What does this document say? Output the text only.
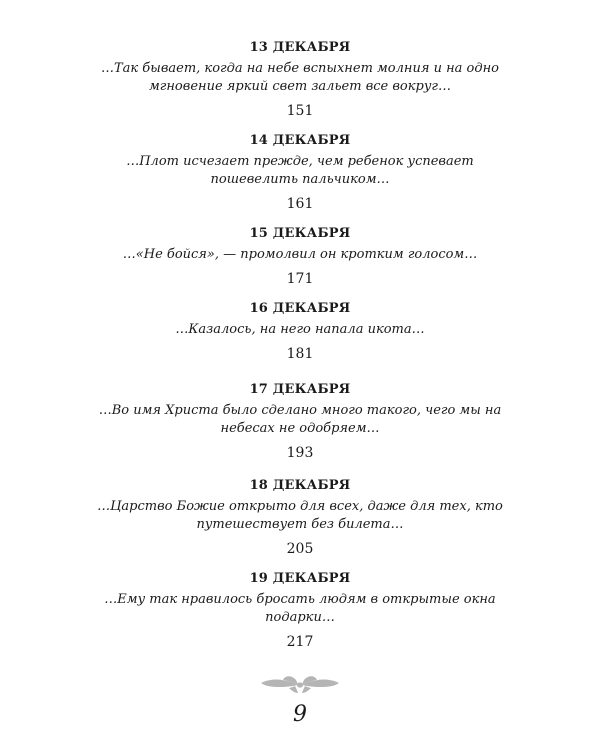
13 ДЕКАБРЯ

…Так бывает, когда на небе вспыхнет молния и на одно мгновение яркий свет зальет все вокруг…

151

14 ДЕКАБРЯ

…Плот исчезает прежде, чем ребенок успевает пошевелить пальчиком…

161

15 ДЕКАБРЯ

…«Не бойся», — промолвил он кротким голосом…

171

16 ДЕКАБРЯ

…Казалось, на него напала икота…

181

17 ДЕКАБРЯ

…Во имя Христа было сделано много такого, чего мы на небесах не одобряем…

193

18 ДЕКАБРЯ

…Царство Божие открыто для всех, даже для тех, кто путешествует без билета…

205

19 ДЕКАБРЯ

…Ему так нравилось бросать людям в открытые окна подарки…

217

9
